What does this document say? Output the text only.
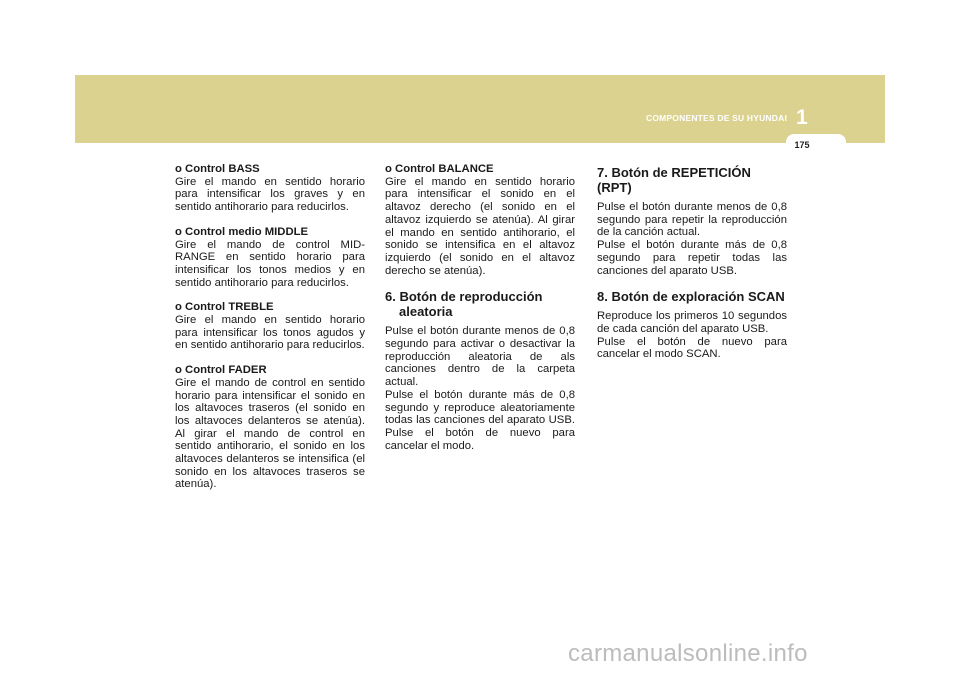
COMPONENTES DE SU HYUNDAI 1
175
o Control BASS
Gire el mando en sentido horario para intensificar los graves y en sentido antihorario para reducirlos.
o Control medio MIDDLE
Gire el mando de control MID-RANGE en sentido horario para intensificar los tonos medios y en sentido antihorario para reducirlos.
o Control TREBLE
Gire el mando en sentido horario para intensificar los tonos agudos y en sentido antihorario para reducirlos.
o Control FADER
Gire el mando de control en sentido horario para intensificar el sonido en los altavoces traseros (el sonido en los altavoces delanteros se atenúa). Al girar el mando de control en sentido antihorario, el sonido en los altavoces delanteros se intensifica (el sonido en los altavoces traseros se atenúa).
o Control BALANCE
Gire el mando en sentido horario para intensificar el sonido en el altavoz derecho (el sonido en el altavoz izquierdo se atenúa). Al girar el mando en sentido antihorario, el sonido se intensifica en el altavoz izquierdo (el sonido en el altavoz derecho se atenúa).
6. Botón de reproducción
aleatoria
Pulse el botón durante menos de 0,8 segundo para activar o desactivar la reproducción aleatoria de als canciones dentro de la carpeta actual.
Pulse el botón durante más de 0,8 segundo y reproduce aleatoriamente todas las canciones del aparato USB. Pulse el botón de nuevo para cancelar el modo.
7. Botón de REPETICIÓN (RPT)
Pulse el botón durante menos de 0,8 segundo para repetir la reproducción de la canción actual.
Pulse el botón durante más de 0,8 segundo para repetir todas las canciones del aparato USB.
8. Botón de exploración SCAN
Reproduce los primeros 10 segundos de cada canción del aparato USB.
Pulse el botón de nuevo para cancelar el modo SCAN.
carmanualsonline.info
